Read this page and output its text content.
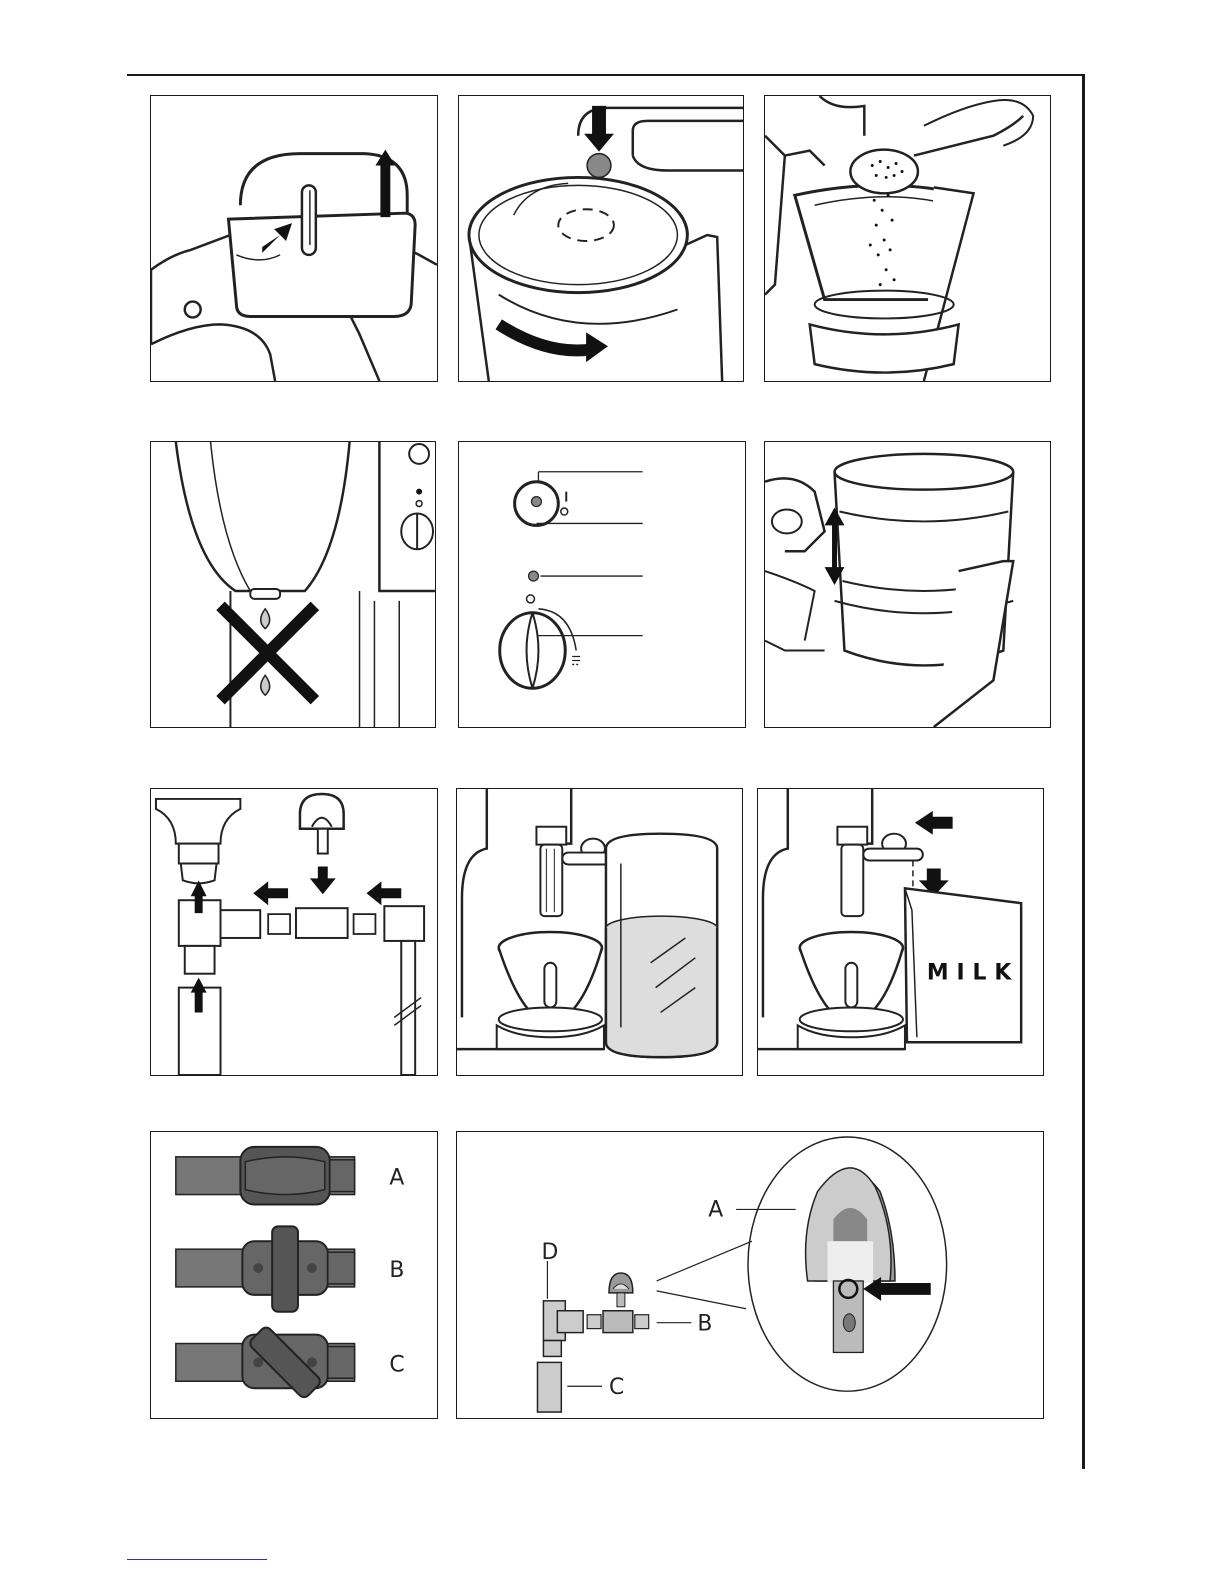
MILK
A
B
C
A
D
B
C
